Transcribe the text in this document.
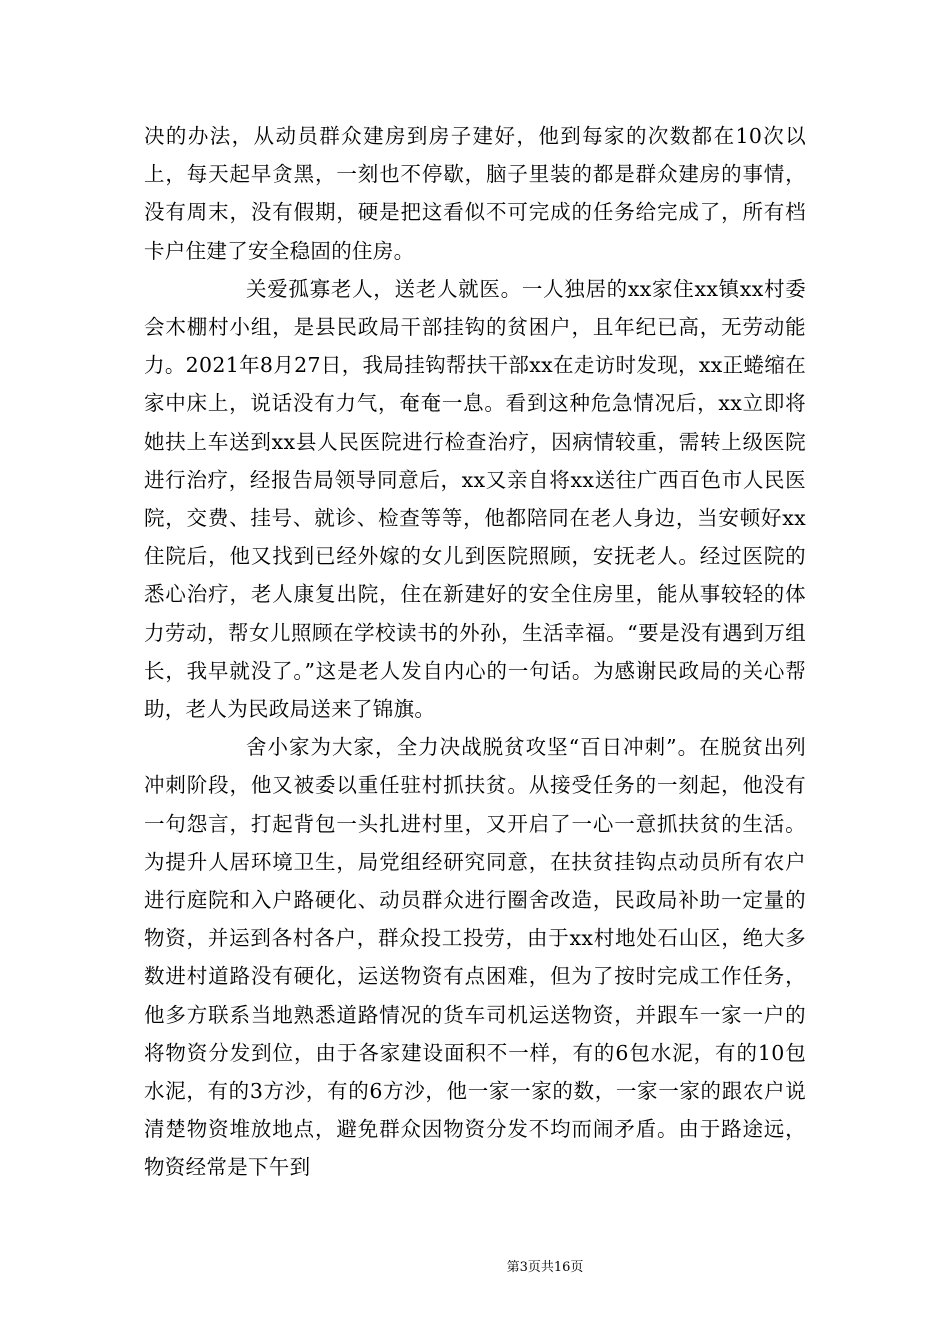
决的办法，从动员群众建房到房子建好，他到每家的次数都在10次以上，每天起早贪黑，一刻也不停歇，脑子里装的都是群众建房的事情，没有周末，没有假期，硬是把这看似不可完成的任务给完成了，所有档卡户住建了安全稳固的住房。

关爱孤寡老人，送老人就医。一人独居的xx家住xx镇xx村委会木棚村小组，是县民政局干部挂钩的贫困户，且年纪已高，无劳动能力。2021年8月27日，我局挂钩帮扶干部xx在走访时发现，xx正蜷缩在家中床上，说话没有力气，奄奄一息。看到这种危急情况后，xx立即将她扶上车送到xx县人民医院进行检查治疗，因病情较重，需转上级医院进行治疗，经报告局领导同意后，xx又亲自将xx送往广西百色市人民医院，交费、挂号、就诊、检查等等，他都陪同在老人身边，当安顿好xx住院后，他又找到已经外嫁的女儿到医院照顾，安抚老人。经过医院的悉心治疗，老人康复出院，住在新建好的安全住房里，能从事较轻的体力劳动，帮女儿照顾在学校读书的外孙，生活幸福。“要是没有遇到万组长，我早就没了。”这是老人发自内心的一句话。为感谢民政局的关心帮助，老人为民政局送来了锦旗。

舍小家为大家，全力决战脱贫攻坚“百日冲刺”。在脱贫出列冲刺阶段，他又被委以重任驻村抓扶贫。从接受任务的一刻起，他没有一句怨言，打起背包一头扎进村里，又开启了一心一意抓扶贫的生活。为提升人居环境卫生，局党组经研究同意，在扶贫挂钩点动员所有农户进行庭院和入户路硬化、动员群众进行圈舍改造，民政局补助一定量的物资，并运到各村各户，群众投工投劳，由于xx村地处石山区，绝大多数进村道路没有硬化，运送物资有点困难，但为了按时完成工作任务，他多方联系当地熟悉道路情况的货车司机运送物资，并跟车一家一户的将物资分发到位，由于各家建设面积不一样，有的6包水泥，有的10包水泥，有的3方沙，有的6方沙，他一家一家的数，一家一家的跟农户说清楚物资堆放地点，避免群众因物资分发不均而闹矛盾。由于路途远，物资经常是下午到

第3页共16页
